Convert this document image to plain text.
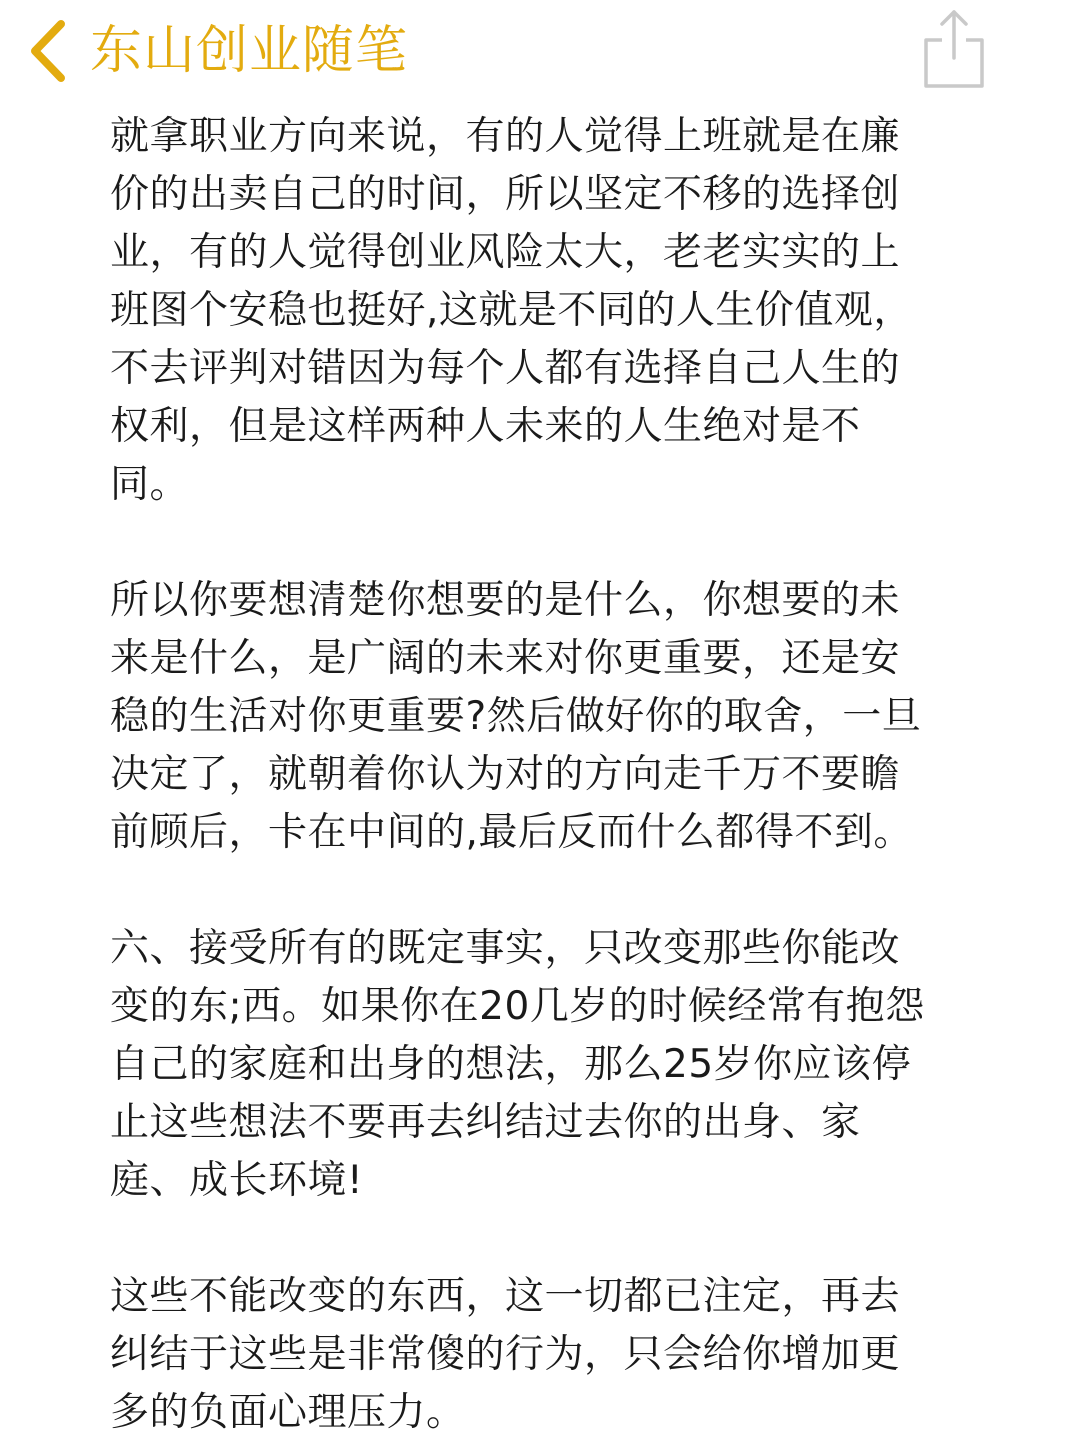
东山创业随笔

就拿职业方向来说，有的人觉得上班就是在廉
价的出卖自己的时间，所以坚定不移的选择创
业，有的人觉得创业风险太大，老老实实的上
班图个安稳也挺好,这就是不同的人生价值观，
不去评判对错因为每个人都有选择自己人生的
权利，但是这样两种人未来的人生绝对是不
同。

所以你要想清楚你想要的是什么，你想要的未
来是什么，是广阔的未来对你更重要，还是安
稳的生活对你更重要?然后做好你的取舍，一旦
决定了，就朝着你认为对的方向走千万不要瞻
前顾后，卡在中间的,最后反而什么都得不到。

六、接受所有的既定事实，只改变那些你能改
变的东;西。如果你在20几岁的时候经常有抱怨
自己的家庭和出身的想法，那么25岁你应该停
止这些想法不要再去纠结过去你的出身、家
庭、成长环境!

这些不能改变的东西，这一切都已注定，再去
纠结于这些是非常傻的行为，只会给你增加更
多的负面心理压力。
